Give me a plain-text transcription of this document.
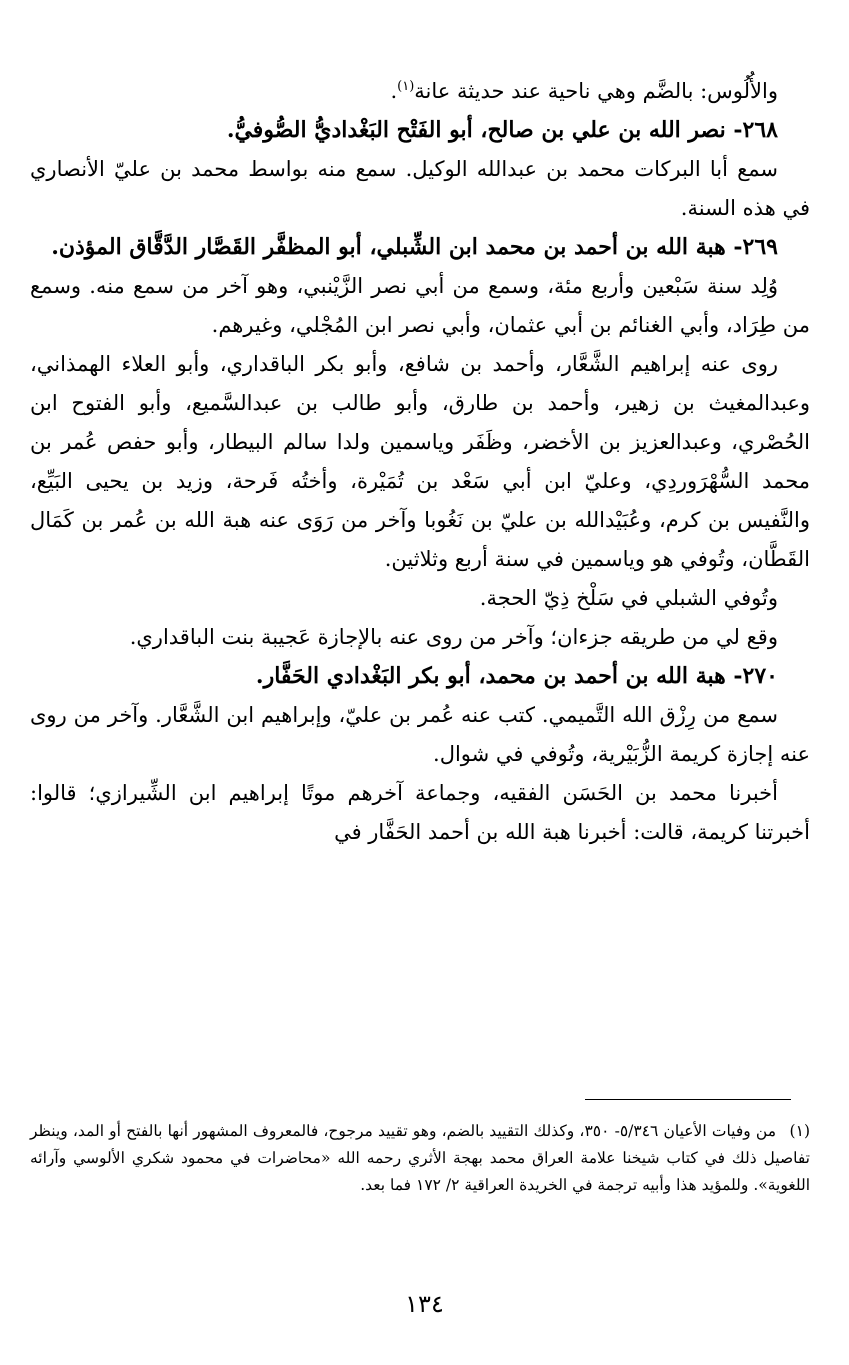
والأُلُوس: بالضَّم وهي ناحية عند حديثة عانة$^{(١)}$.

٢٦٨- نصر الله بن علي بن صالح، أبو الفَتْح البَغْداديُّ الصُّوفيُّ.

سمع أبا البركات محمد بن عبدالله الوكيل. سمع منه بواسط محمد بن عليّ الأنصاري في هذه السنة.

٢٦٩- هبة الله بن أحمد بن محمد ابن الشِّبلي، أبو المظفَّر القَصَّار الدَّقَّاق المؤذن.

وُلِد سنة سَبْعين وأربع مئة، وسمع من أبي نصر الزَّيْنبي، وهو آخر من سمع منه. وسمع من طِرَاد، وأبي الغنائم بن أبي عثمان، وأبي نصر ابن المُجْلي، وغيرهم.

روى عنه إبراهيم الشَّعَّار، وأحمد بن شافع، وأبو بكر الباقداري، وأبو العلاء الهمذاني، وعبدالمغيث بن زهير، وأحمد بن طارق، وأبو طالب بن عبدالسَّميع، وأبو الفتوح ابن الحُصْري، وعبدالعزيز بن الأخضر، وظَفَر وياسمين ولدا سالم البيطار، وأبو حفص عُمر بن محمد السُّهْرَوردِي، وعليّ ابن أبي سَعْد بن تُمَيْرة، وأختُه فَرحة، وزيد بن يحيى البَيِّع، والنَّفيس بن كرم، وعُبَيْدالله بن عليّ بن نَغُوبا وآخر من رَوَى عنه هبة الله بن عُمر بن كَمَال القَطَّان، وتُوفي هو وياسمين في سنة أربع وثلاثين.

وتُوفي الشبلي في سَلْخ ذِيّ الحجة.

وقع لي من طريقه جزءان؛ وآخر من روى عنه بالإجازة عَجيبة بنت الباقداري.

٢٧٠- هبة الله بن أحمد بن محمد، أبو بكر البَغْدادي الحَفَّار.

سمع من رِزْق الله التَّميمي. كتب عنه عُمر بن عليّ، وإبراهيم ابن الشَّعَّار. وآخر من روى عنه إجازة كريمة الزُّبَيْرية، وتُوفي في شوال.

أخبرنا محمد بن الحَسَن الفقيه، وجماعة آخرهم موتًا إبراهيم ابن الشِّيرازي؛ قالوا: أخبرتنا كريمة، قالت: أخبرنا هبة الله بن أحمد الحَفَّار في

(١)من وفيات الأعيان ٥/٣٤٦- ٣٥٠، وكذلك التقييد بالضم، وهو تقييد مرجوح، فالمعروف المشهور أنها بالفتح أو المد، وينظر تفاصيل ذلك في كتاب شيخنا علامة العراق محمد بهجة الأثري رحمه الله «محاضرات في محمود شكري الألوسي وآرائه اللغوية». وللمؤيد هذا وأبيه ترجمة في الخريدة العراقية ٢/ ١٧٢ فما بعد.

١٣٤
